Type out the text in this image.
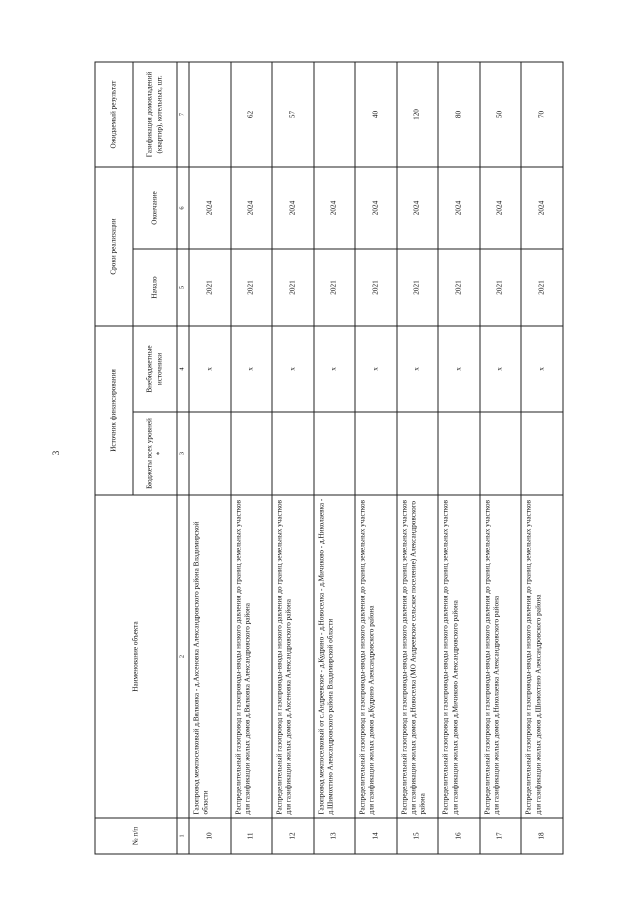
3
№ п/п	Наименование объекта	Источник финансирования		Сроки реализации		Ожидаемый результат
		Бюджеты всех уровней *	Внебюджетные источники	Начало	Окончание	Газификация домовладений (квартир), котельных, шт.
1	2	3	4	5	6	7
10	Газопровод межпоселковый д.Вялковка - д.Аксеновка Александровского района Владимирской области		х	2021	2024	
11	Распределительный газопровод и газопроводы-вводы низкого давления до границ земельных участков для газификации жилых домов д.Вялковка Александровского района		х	2021	2024	62
12	Распределительный газопровод и газопроводы-вводы низкого давления до границ земельных участков для газификации жилых домов д.Аксеновка Александровского района		х	2021	2024	57
13	Газопровод межпоселковый от с.Андреевское - д.Кудрино - д.Новоселка - д.Мичиково - д.Николаевка - д.Шимохтино Александровского района Владимирской области		х	2021	2024	
14	Распределительный газопровод и газопроводы-вводы низкого давления до границ земельных участков для газификации жилых домов д.Кудрино Александровского района		х	2021	2024	40
15	Распределительный газопровод и газопроводы-вводы низкого давления до границ земельных участков для газификации жилых домов д.Новоселка (МО Андреевское сельское поселение) Александровского района		х	2021	2024	120
16	Распределительный газопровод и газопроводы-вводы низкого давления до границ земельных участков для газификации жилых домов д.Мичиково Александровского района		х	2021	2024	80
17	Распределительный газопровод и газопроводы-вводы низкого давления до границ земельных участков для газификации жилых домов д.Николаевка Александровского района		х	2021	2024	50
18	Распределительный газопровод и газопроводы-вводы низкого давления до границ земельных участков для газификации жилых домов д.Шимохтино Александровского района		х	2021	2024	70
